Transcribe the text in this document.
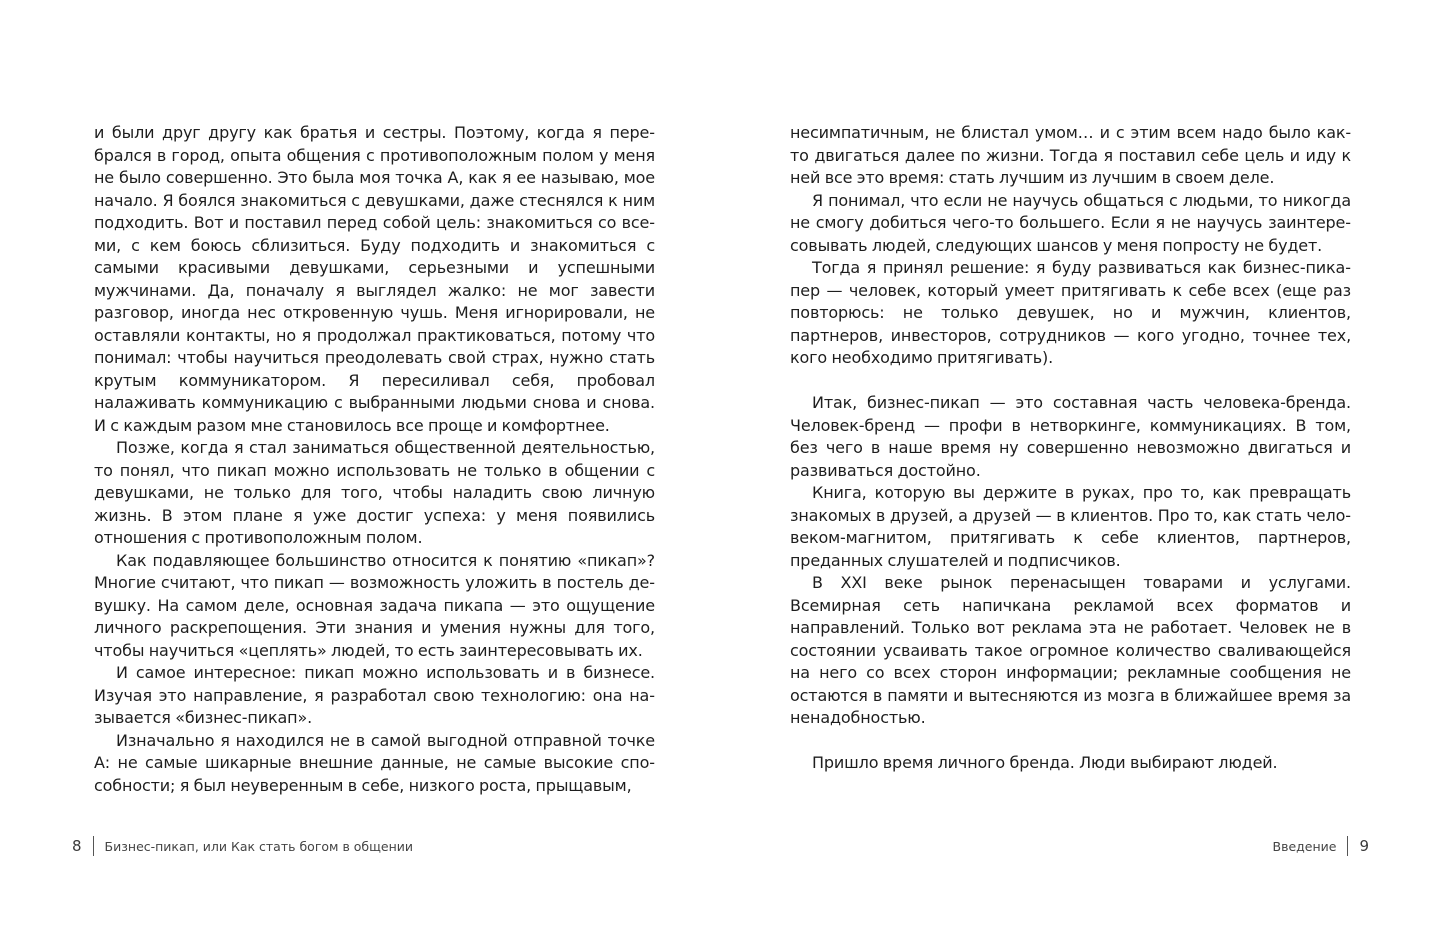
и были друг другу как братья и сестры. Поэтому, когда я перебрался в город, опыта общения с противоположным полом у меня не было совершенно. Это была моя точка А, как я ее называю, мое начало. Я боялся знакомиться с девушками, даже стеснялся к ним подходить. Вот и поставил перед собой цель: знакомиться со всеми, с кем боюсь сблизиться. Буду подходить и знакомиться с самыми красивыми девушками, серьезными и успешными мужчинами. Да, поначалу я выглядел жалко: не мог завести разговор, иногда нес откровенную чушь. Меня игнорировали, не оставляли контакты, но я продолжал практиковаться, потому что понимал: чтобы научиться преодолевать свой страх, нужно стать крутым коммуникатором. Я пересиливал себя, пробовал налаживать коммуникацию с выбранными людьми снова и снова. И с каждым разом мне становилось все проще и комфортнее.

Позже, когда я стал заниматься общественной деятельностью, то понял, что пикап можно использовать не только в общении с девушками, не только для того, чтобы наладить свою личную жизнь. В этом плане я уже достиг успеха: у меня появились отношения с противоположным полом.

Как подавляющее большинство относится к понятию «пикап»? Многие считают, что пикап — возможность уложить в постель девушку. На самом деле, основная задача пикапа — это ощущение личного раскрепощения. Эти знания и умения нужны для того, чтобы научиться «цеплять» людей, то есть заинтересовывать их.

И самое интересное: пикап можно использовать и в бизнесе. Изучая это направление, я разработал свою технологию: она называется «бизнес-пикап».

Изначально я находился не в самой выгодной отправной точке А: не самые шикарные внешние данные, не самые высокие способности; я был неуверенным в себе, низкого роста, прыщавым,

8 Бизнес-пикап, или Как стать богом в общении

несимпатичным, не блистал умом… и с этим всем надо было как-то двигаться далее по жизни. Тогда я поставил себе цель и иду к ней все это время: стать лучшим из лучшим в своем деле.

Я понимал, что если не научусь общаться с людьми, то никогда не смогу добиться чего-то большего. Если я не научусь заинтересовывать людей, следующих шансов у меня попросту не будет.

Тогда я принял решение: я буду развиваться как бизнес-пикапер — человек, который умеет притягивать к себе всех (еще раз повторюсь: не только девушек, но и мужчин, клиентов, партнеров, инвесторов, сотрудников — кого угодно, точнее тех, кого необходимо притягивать).

Итак, бизнес-пикап — это составная часть человека-бренда. Человек-бренд — профи в нетворкинге, коммуникациях. В том, без чего в наше время ну совершенно невозможно двигаться и развиваться достойно.

Книга, которую вы держите в руках, про то, как превращать знакомых в друзей, а друзей — в клиентов. Про то, как стать человеком-магнитом, притягивать к себе клиентов, партнеров, преданных слушателей и подписчиков.

В XXI веке рынок перенасыщен товарами и услугами. Всемирная сеть напичкана рекламой всех форматов и направлений. Только вот реклама эта не работает. Человек не в состоянии усваивать такое огромное количество сваливающейся на него со всех сторон информации; рекламные сообщения не остаются в памяти и вытесняются из мозга в ближайшее время за ненадобностью.

Пришло время личного бренда. Люди выбирают людей.

Введение 9
